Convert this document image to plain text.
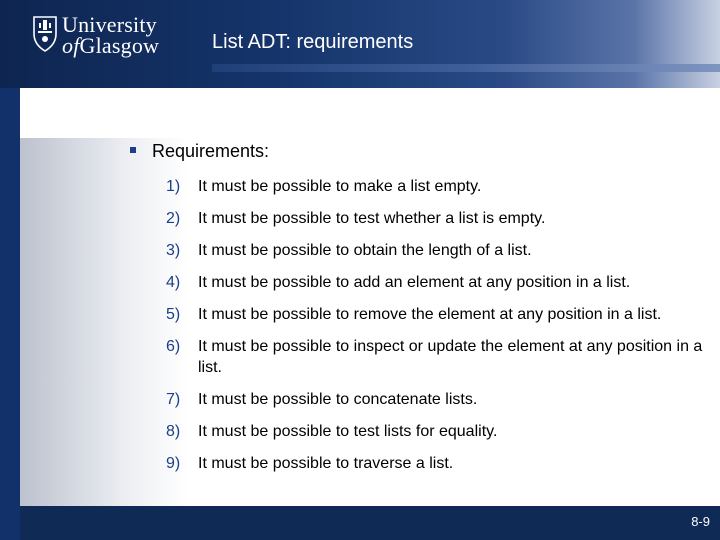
University
ofGlasgow	List ADT: requirements
8-9
Requirements:
1) It must be possible to make a list empty.
2) It must be possible to test whether a list is empty.
3) It must be possible to obtain the length of a list.
4) It must be possible to add an element at any position in a list.
5) It must be possible to remove the element at any position in a list.
6) It must be possible to inspect or update the element at any position in a list.
7) It must be possible to concatenate lists.
8) It must be possible to test lists for equality.
9) It must be possible to traverse a list.
